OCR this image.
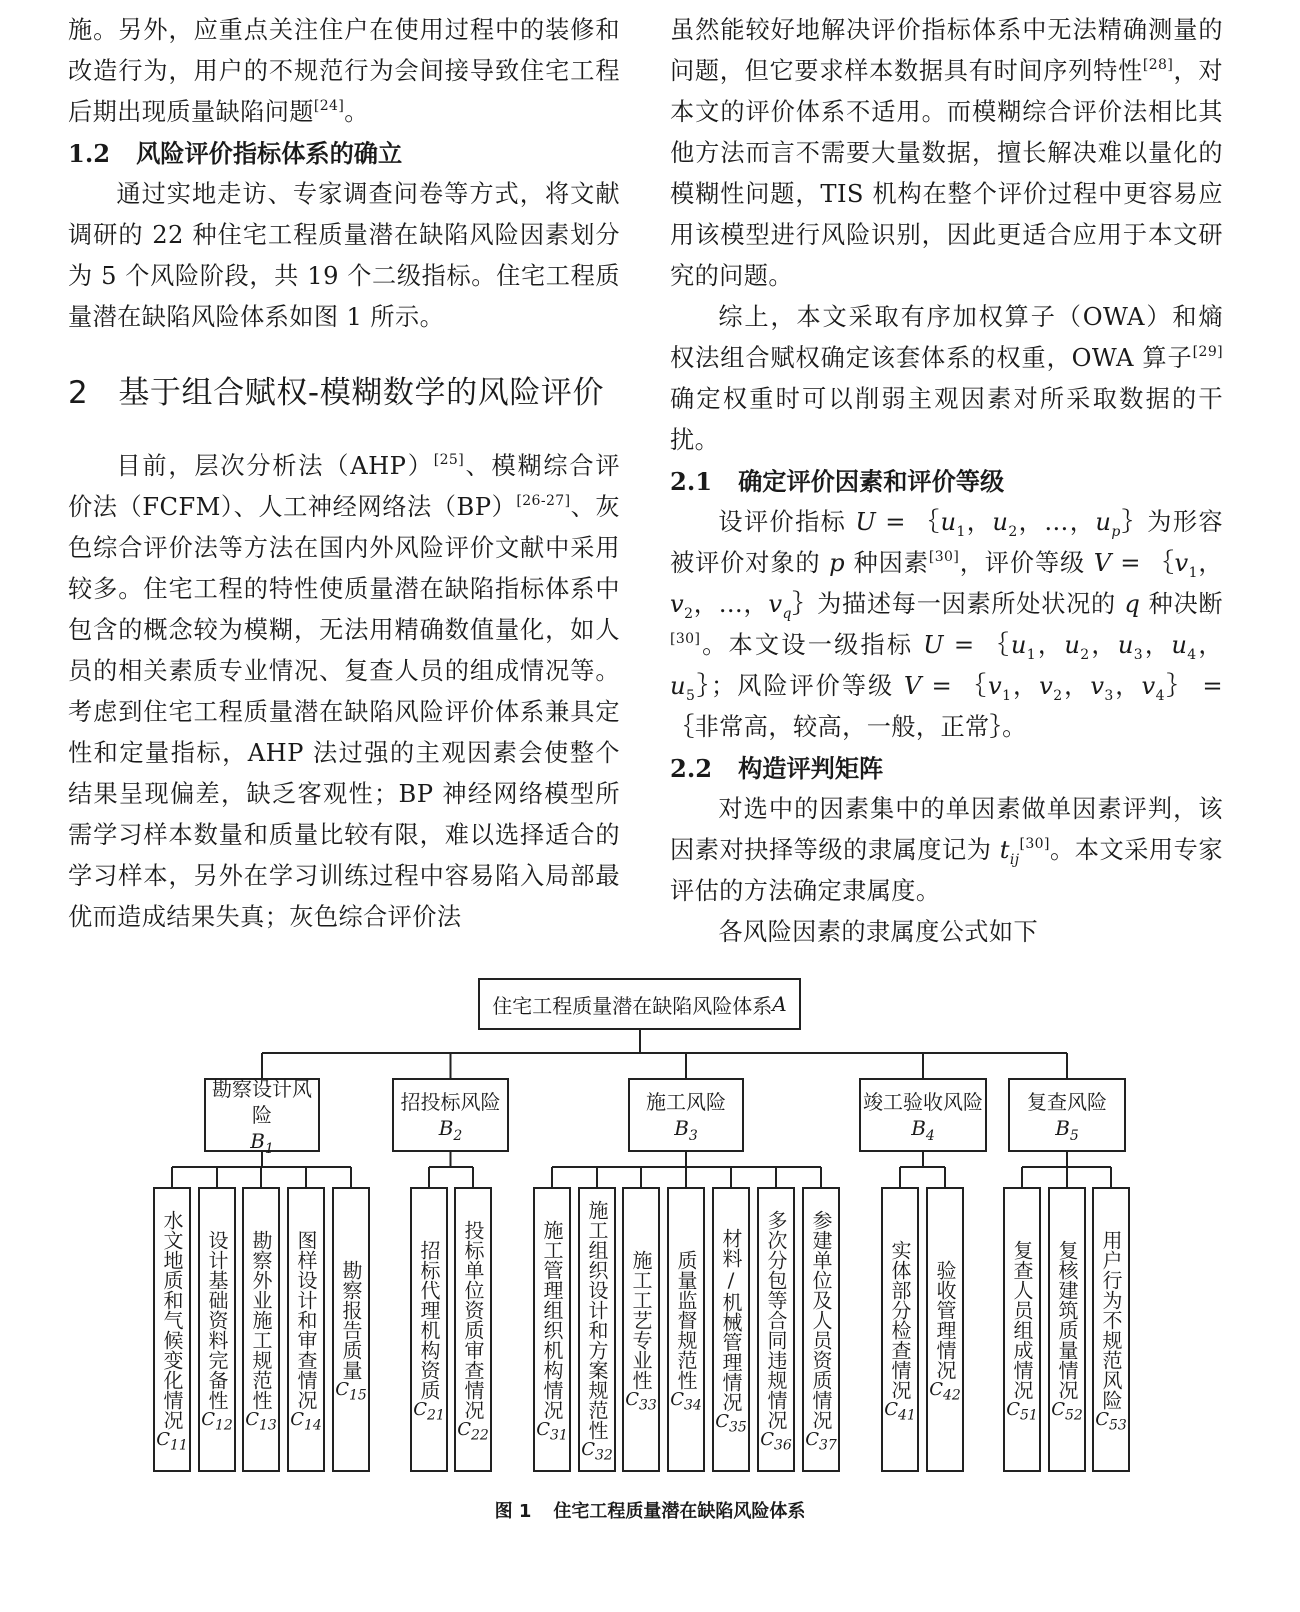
施。另外，应重点关注住户在使用过程中的装修和改造行为，用户的不规范行为会间接导致住宅工程后期出现质量缺陷问题[24]。

1.2 风险评价指标体系的确立

通过实地走访、专家调查问卷等方式，将文献调研的 22 种住宅工程质量潜在缺陷风险因素划分为 5 个风险阶段，共 19 个二级指标。住宅工程质量潜在缺陷风险体系如图 1 所示。

2 基于组合赋权-模糊数学的风险评价

目前，层次分析法（AHP）[25]、模糊综合评价法（FCFM）、人工神经网络法（BP）[26-27]、灰色综合评价法等方法在国内外风险评价文献中采用较多。住宅工程的特性使质量潜在缺陷指标体系中包含的概念较为模糊，无法用精确数值量化，如人员的相关素质专业情况、复查人员的组成情况等。考虑到住宅工程质量潜在缺陷风险评价体系兼具定性和定量指标，AHP 法过强的主观因素会使整个结果呈现偏差，缺乏客观性；BP 神经网络模型所需学习样本数量和质量比较有限，难以选择适合的学习样本，另外在学习训练过程中容易陷入局部最优而造成结果失真；灰色综合评价法

虽然能较好地解决评价指标体系中无法精确测量的问题，但它要求样本数据具有时间序列特性[28]，对本文的评价体系不适用。而模糊综合评价法相比其他方法而言不需要大量数据，擅长解决难以量化的模糊性问题，TIS 机构在整个评价过程中更容易应用该模型进行风险识别，因此更适合应用于本文研究的问题。

综上，本文采取有序加权算子（OWA）和熵权法组合赋权确定该套体系的权重，OWA 算子[29]确定权重时可以削弱主观因素对所采取数据的干扰。

2.1 确定评价因素和评价等级

设评价指标 $U = \{u_1$，$u_2$，…，$u_p\}$为形容被评价对象的 p 种因素[30]，评价等级 $V = \{v_1$，$v_2$，…，$v_q\}$为描述每一因素所处状况的 q 种决断[30]。本文设一级指标 $U = \{u_1$，$u_2$，$u_3$，$u_4$，$u_5\}$；风险评价等级 $V = \{v_1$，$v_2$，$v_3$，$v_4\}$ = ｛非常高，较高，一般，正常｝。

2.2 构造评判矩阵

对选中的因素集中的单因素做单因素评判，该因素对抉择等级的隶属度记为 $t_{ij}[30]$。本文采用专家评估的方法确定隶属度。

各风险因素的隶属度公式如下

住宅工程质量潜在缺陷风险体系 A
勘察设计风险
$B_1$
招投标风险
$B_2$
施工风险
$B_3$
竣工验收风险
$B_4$
复查风险
$B_5$
水文地质和气候变化情况
$C_{11}$
设计基础资料完备性
$C_{12}$
勘察外业施工规范性
$C_{13}$
图样设计和审查情况
$C_{14}$
勘察报告质量
$C_{15}$	招标代理机构资质
$C_{21}$ 投标单位资质审查情况
$C_{22}$
施工管理组织机构情况
$C_{31}$ 施工组织设计和方案规范性
$C_{32}$
施工工艺专业性
$C_{33}$
质量监督规范性
$C_{34}$ 材料/机械管理情况
$C_{35}$ 多次分包等合同违规情况
$C_{36}$
参建单位及人员资质情况
$C_{37}$
实体部分检查情况
$C_{41}$
验收管理情况
$C_{42}$ 复查人员组成情况
$C_{51}$
复核建筑质量情况
$C_{52}$
用户行为不规范风险
$C_{53}$
图 1 住宅工程质量潜在缺陷风险体系
